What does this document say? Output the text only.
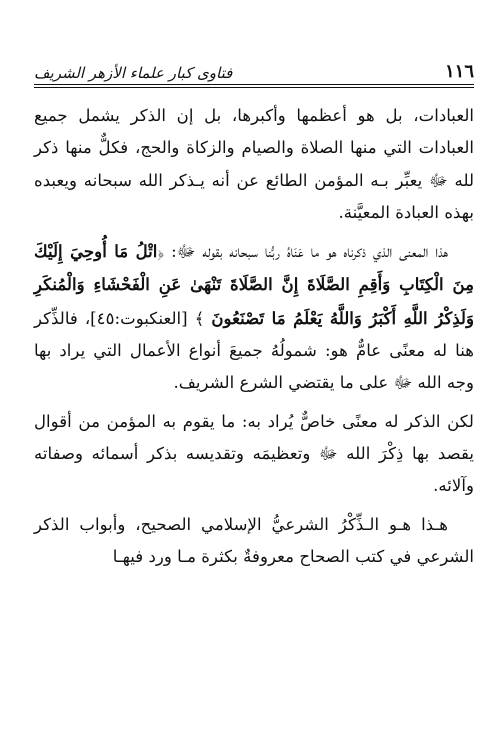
فتاوى كبار علماء الأزهر الشريف	١١٦

العبادات، بل هو أعظمها وأكبرها، بل إن الذكر يشمل جميع العبادات التي منها الصلاة والصيام والزكاة والحج، فكلٌّ منها ذكر لله ﷻ يعبِّر بـه المؤمن الطائع عن أنه يـذكر الله سبحانه ويعبده بهذه العبادة المعيَّنة.

هذا المعنى الذي ذكرناه هو ما عَنَاهُ ربُّنا سبحانه بقوله ﷻ: ﴿اتْلُ مَا أُوحِيَ إِلَيْكَ مِنَ الْكِتَابِ وَأَقِمِ الصَّلَاةَ إِنَّ الصَّلَاةَ تَنْهَىٰ عَنِ الْفَحْشَاءِ وَالْمُنكَرِ وَلَذِكْرُ اللَّهِ أَكْبَرُ وَاللَّهُ يَعْلَمُ مَا تَصْنَعُونَ ﴾ [العنكبوت:٤٥]، فالذِّكر هنا له معنًى عامٌّ هو: شمولُهُ جميعَ أنواع الأعمال التي يراد بها وجه الله ﷻ على ما يقتضي الشرع الشريف.

لكن الذكر له معنًى خاصٌّ يُراد به: ما يقوم به المؤمن من أقوال يقصد بها ذِكْرَ الله ﷻ وتعظيمَه وتقديسه بذكر أسمائه وصفاته وآلائه.

هـذا هـو الـذِّكْرُ الشرعيُّ الإسلامي الصحيح، وأبواب الذكر الشرعي في كتب الصحاح معروفةٌ بكثرة مـا ورد فيهـا
